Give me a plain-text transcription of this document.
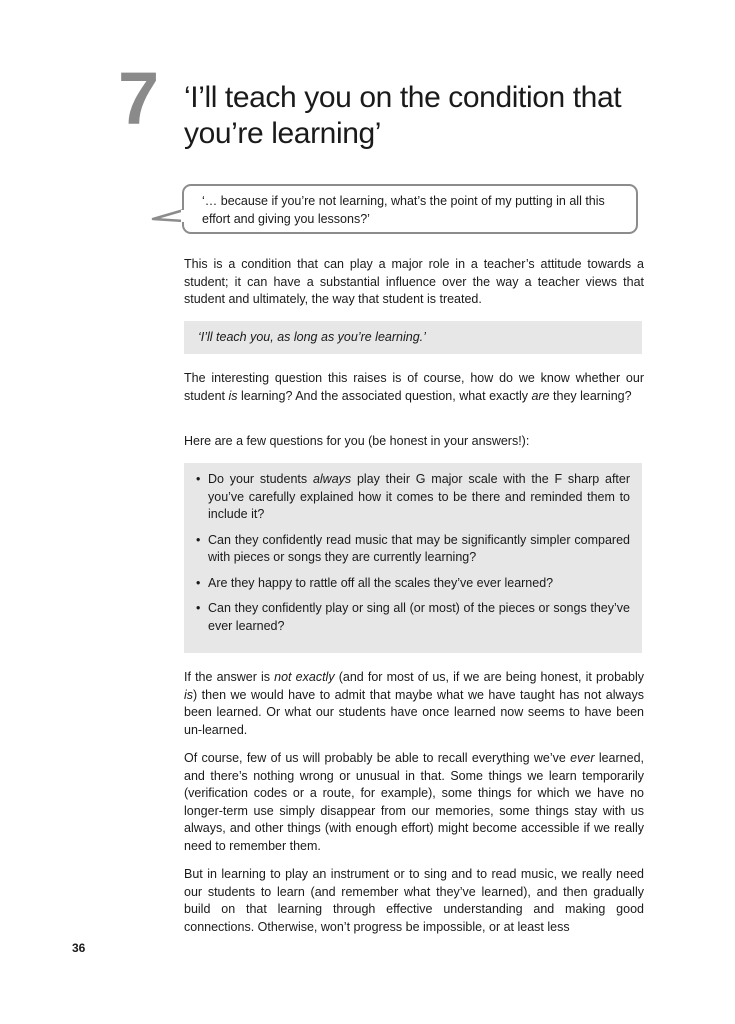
7 ‘I’ll teach you on the condition that
you’re learning’
‘… because if you’re not learning, what’s the point of my putting in all this effort and giving you lessons?’

This is a condition that can play a major role in a teacher’s attitude towards a student; it can have a substantial influence over the way a teacher views that student and ultimately, the way that student is treated.

‘I’ll teach you, as long as you’re learning.’

The interesting question this raises is of course, how do we know whether our student is learning? And the associated question, what exactly are they learning?

Here are a few questions for you (be honest in your answers!):

• Do your students always play their G major scale with the F sharp after you’ve carefully explained how it comes to be there and reminded them to include it?
• Can they confidently read music that may be significantly simpler compared with pieces or songs they are currently learning?
• Are they happy to rattle off all the scales they’ve ever learned?
• Can they confidently play or sing all (or most) of the pieces or songs they’ve ever learned?

If the answer is not exactly (and for most of us, if we are being honest, it probably is) then we would have to admit that maybe what we have taught has not always been learned. Or what our students have once learned now seems to have been un-learned.

Of course, few of us will probably be able to recall everything we’ve ever learned, and there’s nothing wrong or unusual in that. Some things we learn temporarily (verification codes or a route, for example), some things for which we have no longer-term use simply disappear from our memories, some things stay with us always, and other things (with enough effort) might become accessible if we really need to remember them.

But in learning to play an instrument or to sing and to read music, we really need our students to learn (and remember what they’ve learned), and then gradually build on that learning through effective understanding and making good connections. Otherwise, won’t progress be impossible, or at least less

36
